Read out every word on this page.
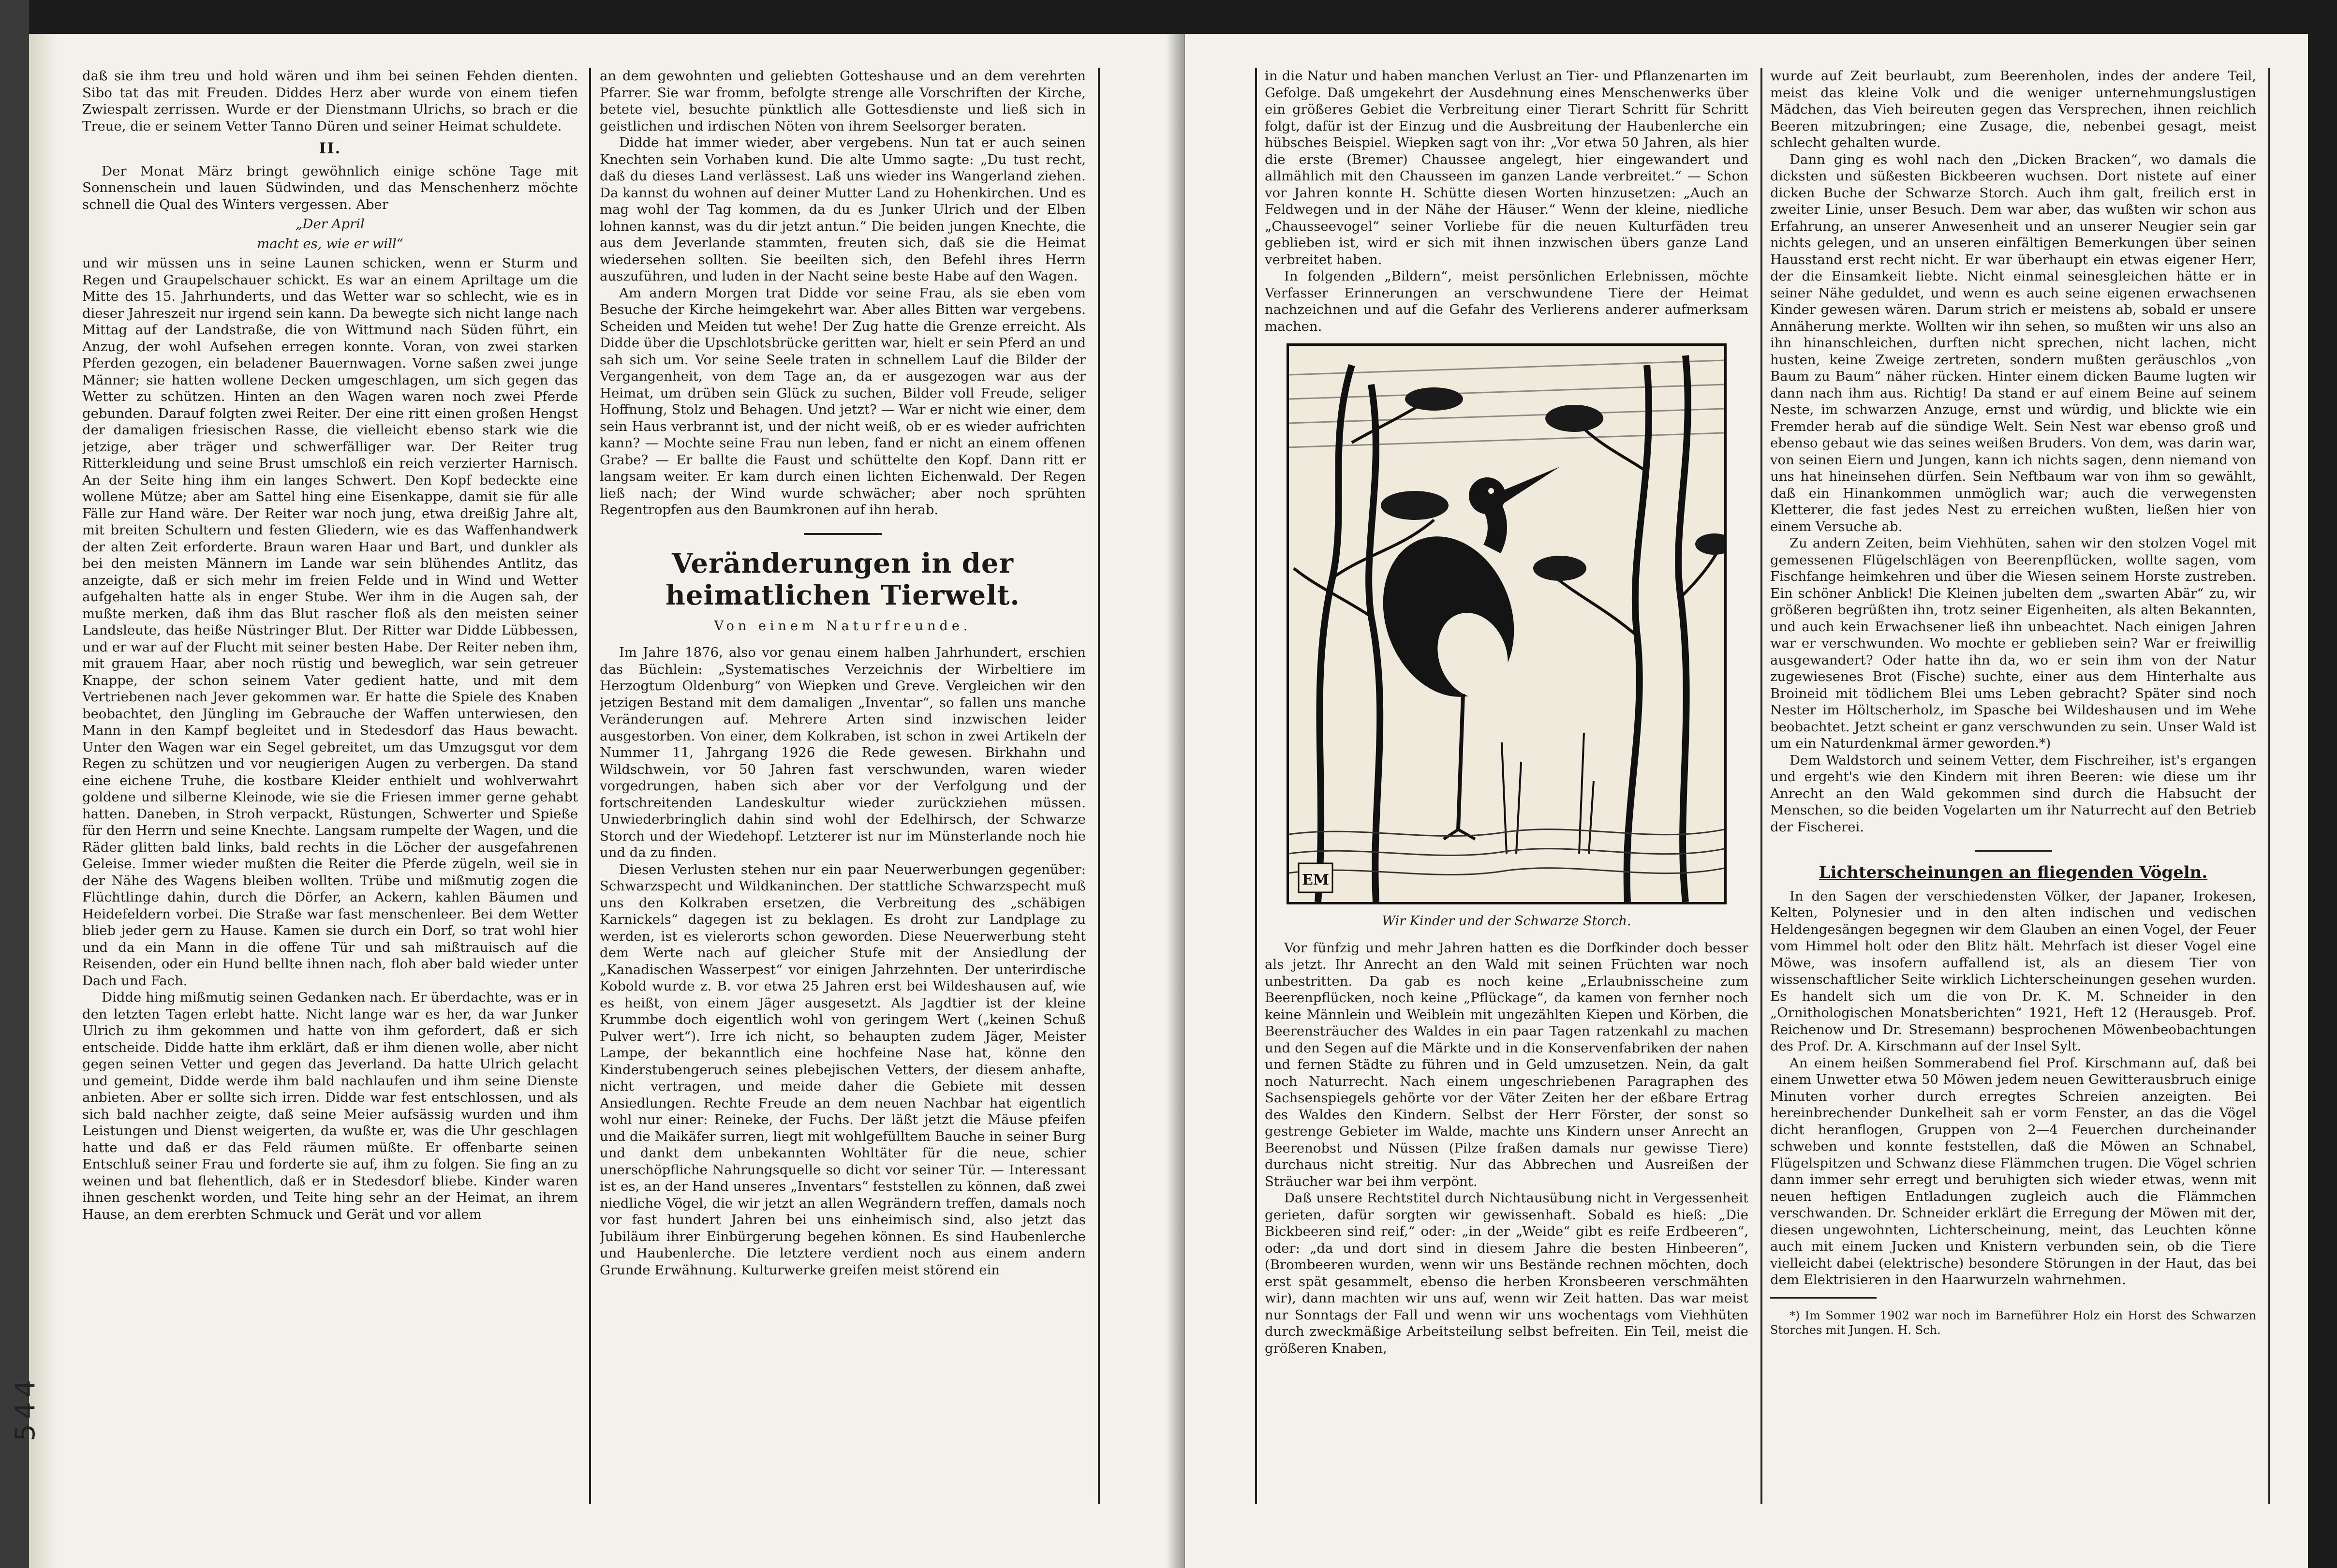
daß sie ihm treu und hold wären und ihm bei seinen Fehden dienten. Sibo tat das mit Freuden. Diddes Herz aber wurde von einem tiefen Zwiespalt zerrissen. Wurde er der Dienstmann Ulrichs, so brach er die Treue, die er seinem Vetter Tanno Düren und seiner Heimat schuldete.

II.

Der Monat März bringt gewöhnlich einige schöne Tage mit Sonnenschein und lauen Südwinden, und das Menschenherz möchte schnell die Qual des Winters vergessen. Aber

„Der April
macht es, wie er will“

und wir müssen uns in seine Launen schicken, wenn er Sturm und Regen und Graupelschauer schickt. Es war an einem Apriltage um die Mitte des 15. Jahrhunderts, und das Wetter war so schlecht, wie es in dieser Jahreszeit nur irgend sein kann. Da bewegte sich nicht lange nach Mittag auf der Landstraße, die von Wittmund nach Süden führt, ein Anzug, der wohl Aufsehen erregen konnte. Voran, von zwei starken Pferden gezogen, ein beladener Bauernwagen. Vorne saßen zwei junge Männer; sie hatten wollene Decken umgeschlagen, um sich gegen das Wetter zu schützen. Hinten an den Wagen waren noch zwei Pferde gebunden. Darauf folgten zwei Reiter. Der eine ritt einen großen Hengst der damaligen friesischen Rasse, die vielleicht ebenso stark wie die jetzige, aber träger und schwerfälliger war. Der Reiter trug Ritterkleidung und seine Brust umschloß ein reich verzierter Harnisch. An der Seite hing ihm ein langes Schwert. Den Kopf bedeckte eine wollene Mütze; aber am Sattel hing eine Eisenkappe, damit sie für alle Fälle zur Hand wäre. Der Reiter war noch jung, etwa dreißig Jahre alt, mit breiten Schultern und festen Gliedern, wie es das Waffenhandwerk der alten Zeit erforderte. Braun waren Haar und Bart, und dunkler als bei den meisten Männern im Lande war sein blühendes Antlitz, das anzeigte, daß er sich mehr im freien Felde und in Wind und Wetter aufgehalten hatte als in enger Stube. Wer ihm in die Augen sah, der mußte merken, daß ihm das Blut rascher floß als den meisten seiner Landsleute, das heiße Nüstringer Blut. Der Ritter war Didde Lübbessen, und er war auf der Flucht mit seiner besten Habe. Der Reiter neben ihm, mit grauem Haar, aber noch rüstig und beweglich, war sein getreuer Knappe, der schon seinem Vater gedient hatte, und mit dem Vertriebenen nach Jever gekommen war. Er hatte die Spiele des Knaben beobachtet, den Jüngling im Gebrauche der Waffen unterwiesen, den Mann in den Kampf begleitet und in Stedesdorf das Haus bewacht. Unter den Wagen war ein Segel gebreitet, um das Umzugsgut vor dem Regen zu schützen und vor neugierigen Augen zu verbergen. Da stand eine eichene Truhe, die kostbare Kleider enthielt und wohlverwahrt goldene und silberne Kleinode, wie sie die Friesen immer gerne gehabt hatten. Daneben, in Stroh verpackt, Rüstungen, Schwerter und Spieße für den Herrn und seine Knechte. Langsam rumpelte der Wagen, und die Räder glitten bald links, bald rechts in die Löcher der ausgefahrenen Geleise. Immer wieder mußten die Reiter die Pferde zügeln, weil sie in der Nähe des Wagens bleiben wollten. Trübe und mißmutig zogen die Flüchtlinge dahin, durch die Dörfer, an Ackern, kahlen Bäumen und Heidefeldern vorbei. Die Straße war fast menschenleer. Bei dem Wetter blieb jeder gern zu Hause. Kamen sie durch ein Dorf, so trat wohl hier und da ein Mann in die offene Tür und sah mißtrauisch auf die Reisenden, oder ein Hund bellte ihnen nach, floh aber bald wieder unter Dach und Fach.

Didde hing mißmutig seinen Gedanken nach. Er überdachte, was er in den letzten Tagen erlebt hatte. Nicht lange war es her, da war Junker Ulrich zu ihm gekommen und hatte von ihm gefordert, daß er sich entscheide. Didde hatte ihm erklärt, daß er ihm dienen wolle, aber nicht gegen seinen Vetter und gegen das Jeverland. Da hatte Ulrich gelacht und gemeint, Didde werde ihm bald nachlaufen und ihm seine Dienste anbieten. Aber er sollte sich irren. Didde war fest entschlossen, und als sich bald nachher zeigte, daß seine Meier aufsässig wurden und ihm Leistungen und Dienst weigerten, da wußte er, was die Uhr geschlagen hatte und daß er das Feld räumen müßte. Er offenbarte seinen Entschluß seiner Frau und forderte sie auf, ihm zu folgen. Sie fing an zu weinen und bat flehentlich, daß er in Stedesdorf bliebe. Kinder waren ihnen geschenkt worden, und Teite hing sehr an der Heimat, an ihrem Hause, an dem ererbten Schmuck und Gerät und vor allem

an dem gewohnten und geliebten Gotteshause und an dem verehrten Pfarrer. Sie war fromm, befolgte strenge alle Vorschriften der Kirche, betete viel, besuchte pünktlich alle Gottesdienste und ließ sich in geistlichen und irdischen Nöten von ihrem Seelsorger beraten.

Didde hat immer wieder, aber vergebens. Nun tat er auch seinen Knechten sein Vorhaben kund. Die alte Ummo sagte: „Du tust recht, daß du dieses Land verlässest. Laß uns wieder ins Wangerland ziehen. Da kannst du wohnen auf deiner Mutter Land zu Hohenkirchen. Und es mag wohl der Tag kommen, da du es Junker Ulrich und der Elben lohnen kannst, was du dir jetzt antun.“ Die beiden jungen Knechte, die aus dem Jeverlande stammten, freuten sich, daß sie die Heimat wiedersehen sollten. Sie beeilten sich, den Befehl ihres Herrn auszuführen, und luden in der Nacht seine beste Habe auf den Wagen.

Am andern Morgen trat Didde vor seine Frau, als sie eben vom Besuche der Kirche heimgekehrt war. Aber alles Bitten war vergebens. Scheiden und Meiden tut wehe! Der Zug hatte die Grenze erreicht. Als Didde über die Upschlotsbrücke geritten war, hielt er sein Pferd an und sah sich um. Vor seine Seele traten in schnellem Lauf die Bilder der Vergangenheit, von dem Tage an, da er ausgezogen war aus der Heimat, um drüben sein Glück zu suchen, Bilder voll Freude, seliger Hoffnung, Stolz und Behagen. Und jetzt? — War er nicht wie einer, dem sein Haus verbrannt ist, und der nicht weiß, ob er es wieder aufrichten kann? — Mochte seine Frau nun leben, fand er nicht an einem offenen Grabe? — Er ballte die Faust und schüttelte den Kopf. Dann ritt er langsam weiter. Er kam durch einen lichten Eichenwald. Der Regen ließ nach; der Wind wurde schwächer; aber noch sprühten Regentropfen aus den Baumkronen auf ihn herab.

Veränderungen in der heimatlichen Tierwelt.
Von einem Naturfreunde.

Im Jahre 1876, also vor genau einem halben Jahrhundert, erschien das Büchlein: „Systematisches Verzeichnis der Wirbeltiere im Herzogtum Oldenburg“ von Wiepken und Greve. Vergleichen wir den jetzigen Bestand mit dem damaligen „Inventar“, so fallen uns manche Veränderungen auf. Mehrere Arten sind inzwischen leider ausgestorben. Von einer, dem Kolkraben, ist schon in zwei Artikeln der Nummer 11, Jahrgang 1926 die Rede gewesen. Birkhahn und Wildschwein, vor 50 Jahren fast verschwunden, waren wieder vorgedrungen, haben sich aber vor der Verfolgung und der fortschreitenden Landeskultur wieder zurückziehen müssen. Unwiederbringlich dahin sind wohl der Edelhirsch, der Schwarze Storch und der Wiedehopf. Letzterer ist nur im Münsterlande noch hie und da zu finden.

Diesen Verlusten stehen nur ein paar Neuerwerbungen gegenüber: Schwarzspecht und Wildkaninchen. Der stattliche Schwarzspecht muß uns den Kolkraben ersetzen, die Verbreitung des „schäbigen Karnickels“ dagegen ist zu beklagen. Es droht zur Landplage zu werden, ist es vielerorts schon geworden. Diese Neuerwerbung steht dem Werte nach auf gleicher Stufe mit der Ansiedlung der „Kanadischen Wasserpest“ vor einigen Jahrzehnten. Der unterirdische Kobold wurde z. B. vor etwa 25 Jahren erst bei Wildeshausen auf, wie es heißt, von einem Jäger ausgesetzt. Als Jagdtier ist der kleine Krummbe doch eigentlich wohl von geringem Wert („keinen Schuß Pulver wert“). Irre ich nicht, so behaupten zudem Jäger, Meister Lampe, der bekanntlich eine hochfeine Nase hat, könne den Kinderstubengeruch seines plebejischen Vetters, der diesem anhafte, nicht vertragen, und meide daher die Gebiete mit dessen Ansiedlungen. Rechte Freude an dem neuen Nachbar hat eigentlich wohl nur einer: Reineke, der Fuchs. Der läßt jetzt die Mäuse pfeifen und die Maikäfer surren, liegt mit wohlgefülltem Bauche in seiner Burg und dankt dem unbekannten Wohltäter für die neue, schier unerschöpfliche Nahrungsquelle so dicht vor seiner Tür. — Interessant ist es, an der Hand unseres „Inventars“ feststellen zu können, daß zwei niedliche Vögel, die wir jetzt an allen Wegrändern treffen, damals noch vor fast hundert Jahren bei uns einheimisch sind, also jetzt das Jubiläum ihrer Einbürgerung begehen können. Es sind Haubenlerche und Haubenlerche. Die letztere verdient noch aus einem andern Grunde Erwähnung. Kulturwerke greifen meist störend ein

544

in die Natur und haben manchen Verlust an Tier- und Pflanzenarten im Gefolge. Daß umgekehrt der Ausdehnung eines Menschenwerks über ein größeres Gebiet die Verbreitung einer Tierart Schritt für Schritt folgt, dafür ist der Einzug und die Ausbreitung der Haubenlerche ein hübsches Beispiel. Wiepken sagt von ihr: „Vor etwa 50 Jahren, als hier die erste (Bremer) Chaussee angelegt, hier eingewandert und allmählich mit den Chausseen im ganzen Lande verbreitet.“ — Schon vor Jahren konnte H. Schütte diesen Worten hinzusetzen: „Auch an Feldwegen und in der Nähe der Häuser.“ Wenn der kleine, niedliche „Chausseevogel“ seiner Vorliebe für die neuen Kulturfäden treu geblieben ist, wird er sich mit ihnen inzwischen übers ganze Land verbreitet haben.

In folgenden „Bildern“, meist persönlichen Erlebnissen, möchte Verfasser Erinnerungen an verschwundene Tiere der Heimat nachzeichnen und auf die Gefahr des Verlierens anderer aufmerksam machen.

EM
Wir Kinder und der Schwarze Storch.

Vor fünfzig und mehr Jahren hatten es die Dorfkinder doch besser als jetzt. Ihr Anrecht an den Wald mit seinen Früchten war noch unbestritten. Da gab es noch keine „Erlaubnisscheine zum Beerenpflücken, noch keine „Pflückage“, da kamen von fernher noch keine Männlein und Weiblein mit ungezählten Kiepen und Körben, die Beerensträucher des Waldes in ein paar Tagen ratzenkahl zu machen und den Segen auf die Märkte und in die Konservenfabriken der nahen und fernen Städte zu führen und in Geld umzusetzen. Nein, da galt noch Naturrecht. Nach einem ungeschriebenen Paragraphen des Sachsenspiegels gehörte vor der Väter Zeiten her der eßbare Ertrag des Waldes den Kindern. Selbst der Herr Förster, der sonst so gestrenge Gebieter im Walde, machte uns Kindern unser Anrecht an Beerenobst und Nüssen (Pilze fraßen damals nur gewisse Tiere) durchaus nicht streitig. Nur das Abbrechen und Ausreißen der Sträucher war bei ihm verpönt.

Daß unsere Rechtstitel durch Nichtausübung nicht in Vergessenheit gerieten, dafür sorgten wir gewissenhaft. Sobald es hieß: „Die Bickbeeren sind reif,“ oder: „in der „Weide“ gibt es reife Erdbeeren“, oder: „da und dort sind in diesem Jahre die besten Hinbeeren“, (Brombeeren wurden, wenn wir uns Bestände rechnen möchten, doch erst spät gesammelt, ebenso die herben Kronsbeeren verschmähten wir), dann machten wir uns auf, wenn wir Zeit hatten. Das war meist nur Sonntags der Fall und wenn wir uns wochentags vom Viehhüten durch zweckmäßige Arbeitsteilung selbst befreiten. Ein Teil, meist die größeren Knaben,

wurde auf Zeit beurlaubt, zum Beerenholen, indes der andere Teil, meist das kleine Volk und die weniger unternehmungslustigen Mädchen, das Vieh beireuten gegen das Versprechen, ihnen reichlich Beeren mitzubringen; eine Zusage, die, nebenbei gesagt, meist schlecht gehalten wurde.

Dann ging es wohl nach den „Dicken Bracken“, wo damals die dicksten und süßesten Bickbeeren wuchsen. Dort nistete auf einer dicken Buche der Schwarze Storch. Auch ihm galt, freilich erst in zweiter Linie, unser Besuch. Dem war aber, das wußten wir schon aus Erfahrung, an unserer Anwesenheit und an unserer Neugier sein gar nichts gelegen, und an unseren einfältigen Bemerkungen über seinen Hausstand erst recht nicht. Er war überhaupt ein etwas eigener Herr, der die Einsamkeit liebte. Nicht einmal seinesgleichen hätte er in seiner Nähe geduldet, und wenn es auch seine eigenen erwachsenen Kinder gewesen wären. Darum strich er meistens ab, sobald er unsere Annäherung merkte. Wollten wir ihn sehen, so mußten wir uns also an ihn hinanschleichen, durften nicht sprechen, nicht lachen, nicht husten, keine Zweige zertreten, sondern mußten geräuschlos „von Baum zu Baum“ näher rücken. Hinter einem dicken Baume lugten wir dann nach ihm aus. Richtig! Da stand er auf einem Beine auf seinem Neste, im schwarzen Anzuge, ernst und würdig, und blickte wie ein Fremder herab auf die sündige Welt. Sein Nest war ebenso groß und ebenso gebaut wie das seines weißen Bruders. Von dem, was darin war, von seinen Eiern und Jungen, kann ich nichts sagen, denn niemand von uns hat hineinsehen dürfen. Sein Neftbaum war von ihm so gewählt, daß ein Hinankommen unmöglich war; auch die verwegensten Kletterer, die fast jedes Nest zu erreichen wußten, ließen hier von einem Versuche ab.

Zu andern Zeiten, beim Viehhüten, sahen wir den stolzen Vogel mit gemessenen Flügelschlägen von Beerenpflücken, wollte sagen, vom Fischfange heimkehren und über die Wiesen seinem Horste zustreben. Ein schöner Anblick! Die Kleinen jubelten dem „swarten Abär“ zu, wir größeren begrüßten ihn, trotz seiner Eigenheiten, als alten Bekannten, und auch kein Erwachsener ließ ihn unbeachtet. Nach einigen Jahren war er verschwunden. Wo mochte er geblieben sein? War er freiwillig ausgewandert? Oder hatte ihn da, wo er sein ihm von der Natur zugewiesenes Brot (Fische) suchte, einer aus dem Hinterhalte aus Broineid mit tödlichem Blei ums Leben gebracht? Später sind noch Nester im Höltscherholz, im Spasche bei Wildeshausen und im Wehe beobachtet. Jetzt scheint er ganz verschwunden zu sein. Unser Wald ist um ein Naturdenkmal ärmer geworden.*)

Dem Waldstorch und seinem Vetter, dem Fischreiher, ist's ergangen und ergeht's wie den Kindern mit ihren Beeren: wie diese um ihr Anrecht an den Wald gekommen sind durch die Habsucht der Menschen, so die beiden Vogelarten um ihr Naturrecht auf den Betrieb der Fischerei.

Lichterscheinungen an fliegenden Vögeln.

In den Sagen der verschiedensten Völker, der Japaner, Irokesen, Kelten, Polynesier und in den alten indischen und vedischen Heldengesängen begegnen wir dem Glauben an einen Vogel, der Feuer vom Himmel holt oder den Blitz hält. Mehrfach ist dieser Vogel eine Möwe, was insofern auffallend ist, als an diesem Tier von wissenschaftlicher Seite wirklich Lichterscheinungen gesehen wurden. Es handelt sich um die von Dr. K. M. Schneider in den „Ornithologischen Monatsberichten“ 1921, Heft 12 (Herausgeb. Prof. Reichenow und Dr. Stresemann) besprochenen Möwenbeobachtungen des Prof. Dr. A. Kirschmann auf der Insel Sylt.

An einem heißen Sommerabend fiel Prof. Kirschmann auf, daß bei einem Unwetter etwa 50 Möwen jedem neuen Gewitterausbruch einige Minuten vorher durch erregtes Schreien anzeigten. Bei hereinbrechender Dunkelheit sah er vorm Fenster, an das die Vögel dicht heranflogen, Gruppen von 2—4 Feuerchen durcheinander schweben und konnte feststellen, daß die Möwen an Schnabel, Flügelspitzen und Schwanz diese Flämmchen trugen. Die Vögel schrien dann immer sehr erregt und beruhigten sich wieder etwas, wenn mit neuen heftigen Entladungen zugleich auch die Flämmchen verschwanden. Dr. Schneider erklärt die Erregung der Möwen mit der, diesen ungewohnten, Lichterscheinung, meint, das Leuchten könne auch mit einem Jucken und Knistern verbunden sein, ob die Tiere vielleicht dabei (elektrische) besondere Störungen in der Haut, das bei dem Elektrisieren in den Haarwurzeln wahrnehmen.

*) Im Sommer 1902 war noch im Barneführer Holz ein Horst des Schwarzen Storches mit Jungen. H. Sch.
